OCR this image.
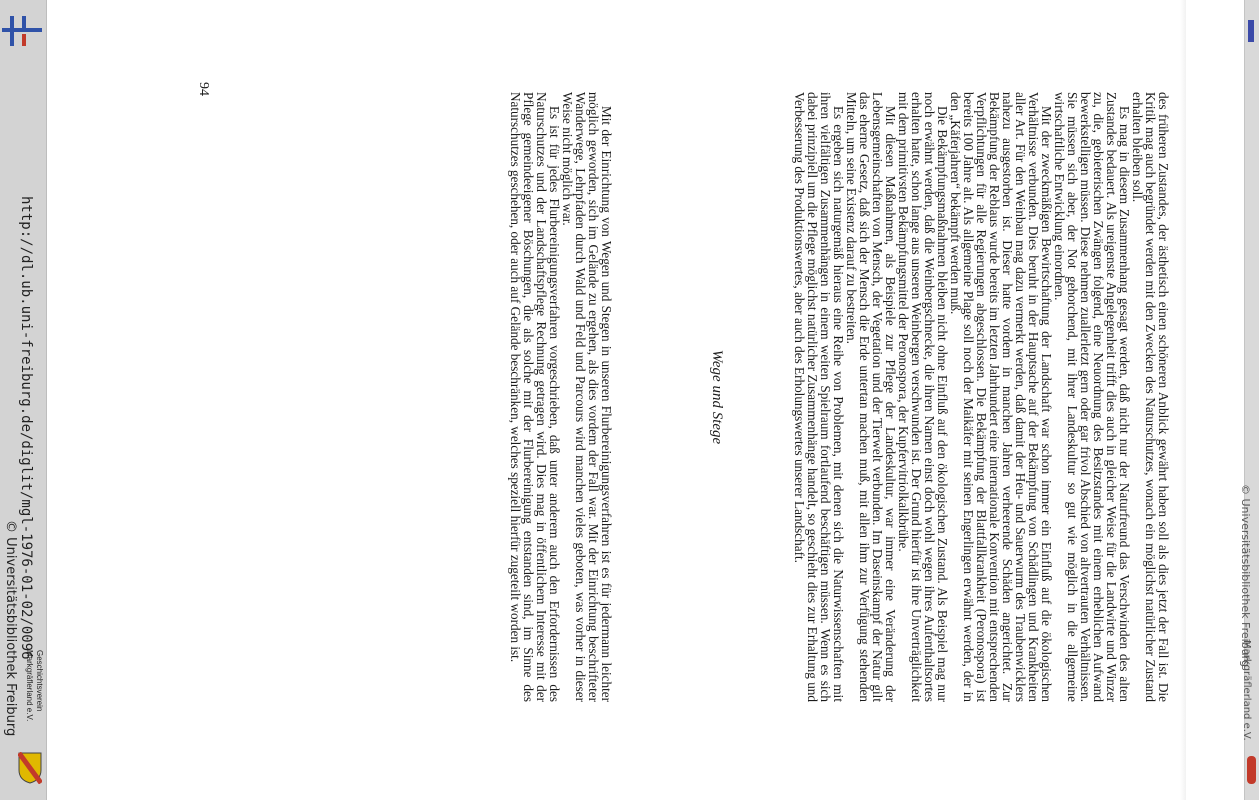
http://dl.ub.uni-freiburg.de/diglit/mgl-1976-01-02/0096
© Universitätsbibliothek Freiburg Geschichtsverein
Markgräflerland e.V.
© Universitätsbibliothek Freiburg
Markgräflerland e.V.

des früheren Zustandes, der ästhetisch einen schöneren Anblick gewährt haben soll als dies jetzt der Fall ist. Die Kritik mag auch begründet werden mit den Zwecken des Naturschutzes, wonach ein möglichst natürlicher Zustand erhalten bleiben soll.

Es mag in diesem Zusammenhang gesagt werden, daß nicht nur der Naturfreund das Verschwinden des alten Zustandes bedauert. Als ureigenste Angelegenheit trifft dies auch in gleicher Weise für die Landwirte und Winzer zu, die, gebieterischen Zwängen folgend, eine Neuordnung des Besitzstandes mit einem erheblichen Aufwand bewerkstelligen müssen. Diese nehmen zuallerletzt gern oder gar frivol Abschied von altvertrauten Verhältnissen. Sie müssen sich aber, der Not gehorchend, mit ihrer Landeskultur so gut wie möglich in die allgemeine wirtschaftliche Entwicklung einordnen.

Mit der zweckmäßigen Bewirtschaftung der Landschaft war schon immer ein Einfluß auf die ökologischen Verhältnisse verbunden. Dies beruht in der Hauptsache auf der Bekämpfung von Schädlingen und Krankheiten aller Art. Für den Weinbau mag dazu vermerkt werden, daß damit der Heu- und Sauerwurm des Traubenwicklers nahezu ausgestorben ist. Dieser hatte vordem in manchen Jahren verheerende Schäden angerichtet. Zur Bekämpfung der Reblaus wurde bereits im letzten Jahrhundert eine internationale Konvention mit entsprechenden Verpflichtungen für alle Regierungen abgeschlossen. Die Bekämpfung der Blattfallkrankheit (Peronospora) ist bereits 100 Jahre alt. Als allgemeine Plage soll noch der Maikäfer mit seinen Engerlingen erwähnt werden, der in den „Käferjahren“ bekämpft werden muß.

Die Bekämpfungsmaßnahmen bleiben nicht ohne Einfluß auf den ökologischen Zustand. Als Beispiel mag nur noch erwähnt werden, daß die Weinbergschnecke, die ihren Namen einst doch wohl wegen ihres Aufenthaltsortes erhalten hatte, schon lange aus unseren Weinbergen verschwunden ist. Der Grund hierfür ist ihre Unverträglichkeit mit dem primitivsten Bekämpfungsmittel der Peronospora, der Kupfervitriolkalkbrühe.

Mit diesen Maßnahmen, als Beispiele zur Pflege der Landeskultur, war immer eine Veränderung der Lebensgemeinschaften von Mensch, der Vegetation und der Tierwelt verbunden. Im Daseinskampf der Natur gilt das eherne Gesetz, daß sich der Mensch die Erde untertan machen muß, mit allen ihm zur Verfügung stehenden Mitteln, um seine Existenz darauf zu bestreiten.

Es ergeben sich naturgemäß hieraus eine Reihe von Problemen, mit denen sich die Naturwissenschaften mit ihren vielfältigen Zusammenhängen in einem weiten Spielraum fortlaufend beschäftigen müssen. Wenn es sich dabei prinzipiell um die Pflege möglichst natürlicher Zusammenhänge handelt, so geschieht dies zur Erhaltung und Verbesserung des Produktionswertes, aber auch des Erholungswertes unserer Landschaft.

Wege und Stege

Mit der Einrichtung von Wegen und Stegen in unseren Flurbereinigungsverfahren ist es für jedermann leichter möglich geworden, sich im Gelände zu ergehen, als dies vordem der Fall war. Mit der Einrichtung beschrifteter Wanderwege, Lehrpfaden durch Wald und Feld und Parcours wird manchen vieles geboten, was vorher in dieser Weise nicht möglich war.

Es ist für jedes Flurbereinigungsverfahren vorgeschrieben, daß unter anderem auch den Erfordernissen des Naturschutzes und der Landschaftspflege Rechnung getragen wird. Dies mag in öffentlichem Interesse mit der Pflege gemeindeeigener Böschungen, die als solche mit der Flurbereinigung entstanden sind, im Sinne des Naturschutzes geschehen, oder auch auf Gelände beschränken, welches speziell hierfür zugeteilt worden ist.

94
